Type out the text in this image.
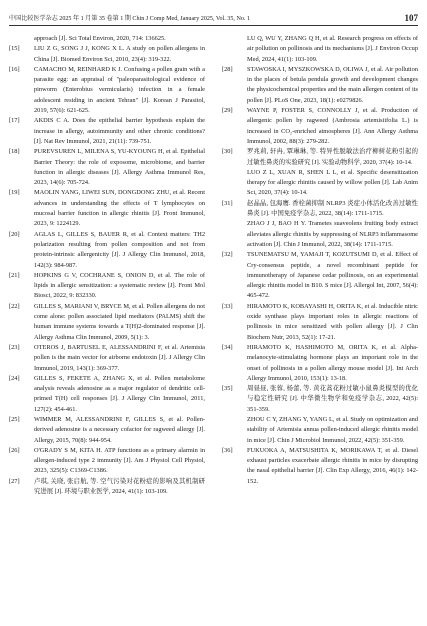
中国比较医学杂志 2025 年 1 月第 35 卷第 1 期 Chin J Comp Med, January 2025, Vol. 35, No. 1	107
approach [J]. Sci Total Environ, 2020, 714: 136625.
[15]	LIU Z G, SONG J J, KONG X L. A study on pollen allergens in China [J]. Biomed Environ Sci, 2010, 23(4): 319-322.
[16]	CAMACHO M, REINHARD K J. Confusing a pollen grain with a parasite egg: an appraisal of "paleoparasitological evidence of pinworm (Enterobius vermicularis) infection in a female adolescent residing in ancient Tehran" [J]. Korean J Parasitol, 2019, 57(6): 621-625.
[17]	AKDIS C A. Does the epithelial barrier hypothesis explain the increase in allergy, autoimmunity and other chronic conditions? [J]. Nat Rev Immunol, 2021, 21(11): 739-751.
[18]	PUREVSUREN L, MILENA S, YU-KYOUNG H, et al. Epithelial Barrier Theory: the role of exposome, microbiome, and barrier function in allergic diseases [J]. Allergy Asthma Immunol Res, 2023, 14(6): 705-724.
[19]	MAOLIN YANG, LIWEI SUN, DONGDONG ZHU, et al. Recent advances in understanding the effects of T lymphocytes on mucosal barrier function in allergic rhinitis [J]. Front Immunol, 2023, 9: 1224129.
[20]	AGLAS L, GILLES S, BAUER R, et al. Context matters: TH2 polarization resulting from pollen composition and not from protein-intrinsic allergenicity [J]. J Allergy Clin Immunol, 2018, 142(3): 984-987.
[21]	HOPKINS G V, COCHRANE S, ONION D, et al. The role of lipids in allergic sensitization: a systematic review [J]. Front Mol Biosci, 2022, 9: 832330.
[22]	GILLES S, MARIANI V, BRYCE M, et al. Pollen allergens do not come alone: pollen associated lipid mediators (PALMS) shift the human immune systems towards a T(H)2-dominated response [J]. Allergy Asthma Clin Immunol, 2009, 5(1): 3.
[23]	OTEROS J, BARTUSEL E, ALESSANDRINI F, et al. Artemisia pollen is the main vector for airborne endotoxin [J]. J Allergy Clin Immunol, 2019, 143(1): 369-377.
[24]	GILLES S, FEKETE A, ZHANG X, et al. Pollen metabolome analysis reveals adenosine as a major regulator of dendritic cell-primed T(H) cell responses [J]. J Allergy Clin Immunol, 2011, 127(2): 454-461.
[25]	WIMMER M, ALESSANDRINI F, GILLES S, et al. Pollen-derived adenosine is a necessary cofactor for ragweed allergy [J]. Allergy, 2015, 70(8): 944-954.
[26]	O'GRADY S M, KITA H. ATP functions as a primary alarmin in allergen-induced type 2 immunity [J]. Am J Physiol Cell Physiol, 2023, 325(5): C1369-C1386.
[27]	卢琪, 关晓, 张启航, 等. 空气污染对花粉症的影响及其机制研究进展 [J]. 环境与职业医学, 2024, 41(1): 103-109.
LU Q, WU Y, ZHANG Q H, et al. Research progress on effects of air pollution on pollinosis and its mechanisms [J]. J Environ Occup Med, 2024, 41(1): 103-109.
[28]	STAWOSKA I, MYSZKOWSKA D, OLIWA J, et al. Air pollution in the places of betula pendula growth and development changes the physicochemical properties and the main allergen content of its pollen [J]. PLoS One, 2023, 18(1): e0279826.
[29]	WAYNE P, FOSTER S, CONNOLLY J, et al. Production of allergenic pollen by ragweed (Ambrosia artemisiifolia L.) is increased in CO₂-enriched atmospheres [J]. Ann Allergy Asthma Immunol, 2002, 88(3): 279-282.
[30]	罗兆莉, 轩冉, 覃琳琳, 等. 特异性脱敏法治疗柳树花粉引起的过敏性鼻炎的实验研究 [J]. 实验动物科学, 2020, 37(4): 10-14.
LUO Z L, XUAN R, SHEN L L, et al. Specific desensitization therapy for allergic rhinitis caused by willow pollen [J]. Lab Anim Sci, 2020, 37(4): 10-14.
[31]	赵晶晶, 包海鹰. 香栓菌抑制 NLRP3 炎症小体活化改善过敏性鼻炎 [J]. 中国免疫学杂志, 2022, 38(14): 1711-1715.
ZHAO J J, BAO H Y. Trametes suaveolens fruiting body extract alleviates allergic rhinitis by suppressing of NLRP3 inflammasome activation [J]. Chin J Immunol, 2022, 38(14): 1711-1715.
[32]	TSUNEMATSU M, YAMAJI T, KOZUTSUMI D, et al. Effect of Cry-consensus peptide, a novel recombinant peptide for immunotherapy of Japanese cedar pollinosis, on an experimental allergic rhinitis model in B10. S mice [J]. Allergol Int, 2007, 56(4): 465-472.
[33]	HIRAMOTO K, KOBAYASHI H, ORITA K, et al. Inducible nitric oxide synthase plays important roles in allergic reactions of pollinosis in mice sensitized with pollen allergy [J]. J Clin Biochem Nutr, 2013, 52(1): 17-21.
[34]	HIRAMOTO K, HASHIMOTO M, ORITA K, et al. Alpha-melanocyte-stimulating hormone plays an important role in the onset of pollinosis in a pollen allergy mouse model [J]. Int Arch Allergy Immunol, 2010, 153(1): 13-18.
[35]	周昼昼, 张蓉, 杨蕾, 等. 黄花蒿花粉过敏小鼠鼻炎模型的优化与稳定性研究 [J]. 中华微生物学和免疫学杂志, 2022, 42(5): 351-359.
ZHOU C Y, ZHANG Y, YANG L, et al. Study on optimization and stability of Artemisia annua pollen-induced allergic rhinitis model in mice [J]. Chin J Microbiol Immunol, 2022, 42(5): 351-359.
[36]	FUKUOKA A, MATSUSHITA K, MORIKAWA T, et al. Diesel exhaust particles exacerbate allergic rhinitis in mice by disrupting the nasal epithelial barrier [J]. Clin Exp Allergy, 2016, 46(1): 142-152.
